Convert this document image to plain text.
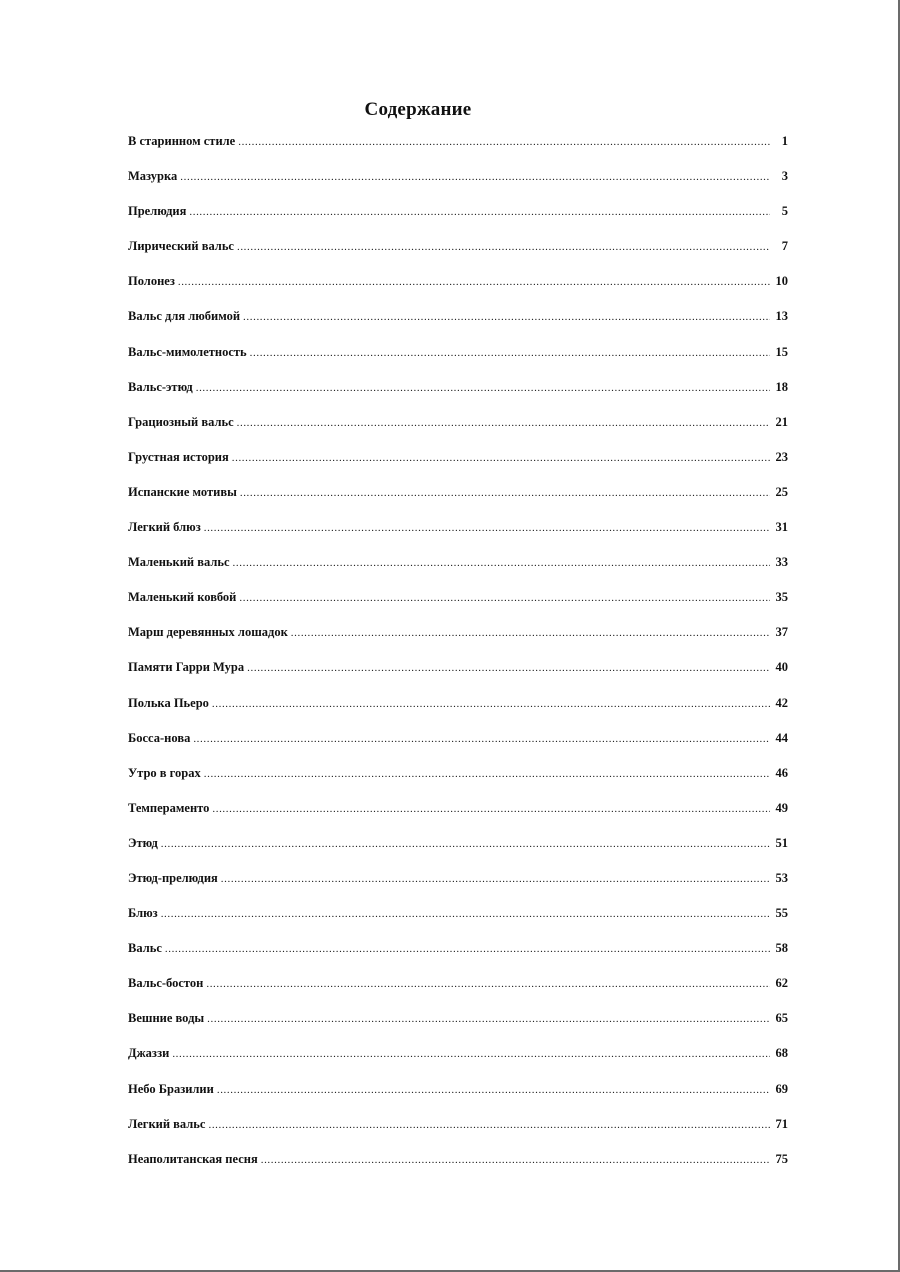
Содержание
В старинном стиле .....	1
Мазурка .....	3
Прелюдия .....	5
Лирический вальс .....	7
Полонез .....	10
Вальс для любимой .....	13
Вальс-мимолетность .....	15
Вальс-этюд .....	18
Грациозный вальс .....	21
Грустная история .....	23
Испанские мотивы .....	25
Легкий блюз .....	31
Маленький вальс .....	33
Маленький ковбой .....	35
Марш деревянных лошадок .....	37
Памяти Гарри Мура .....	40
Полька Пьеро .....	42
Босса-нова .....	44
Утро в горах .....	46
Темпераменто .....	49
Этюд .....	51
Этюд-прелюдия .....	53
Блюз .....	55
Вальс .....	58
Вальс-бостон .....	62
Вешние воды .....	65
Джаззи .....	68
Небо Бразилии .....	69
Легкий вальс .....	71
Неаполитанская песня .....	75
